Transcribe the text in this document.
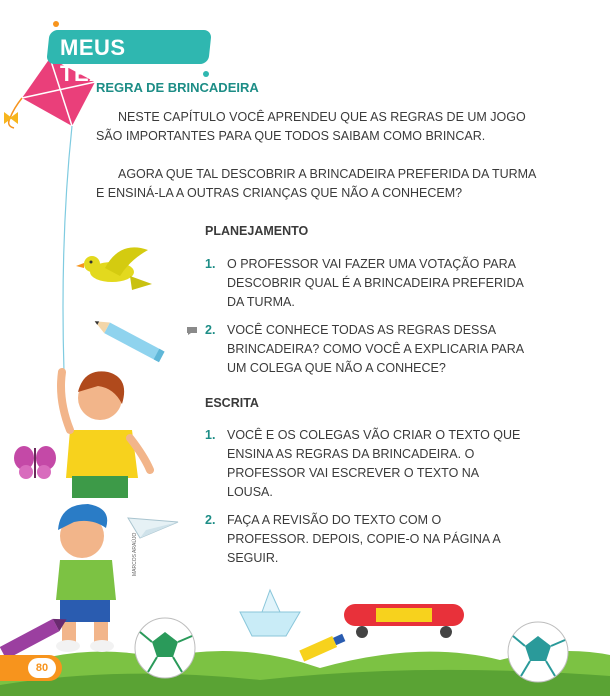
MEUS TEXTOS
REGRA DE BRINCADEIRA
NESTE CAPÍTULO VOCÊ APRENDEU QUE AS REGRAS DE UM JOGO SÃO IMPORTANTES PARA QUE TODOS SAIBAM COMO BRINCAR.
AGORA QUE TAL DESCOBRIR A BRINCADEIRA PREFERIDA DA TURMA E ENSINÁ-LA A OUTRAS CRIANÇAS QUE NÃO A CONHECEM?
PLANEJAMENTO
1. O PROFESSOR VAI FAZER UMA VOTAÇÃO PARA DESCOBRIR QUAL É A BRINCADEIRA PREFERIDA DA TURMA.
2. VOCÊ CONHECE TODAS AS REGRAS DESSA BRINCADEIRA? COMO VOCÊ A EXPLICARIA PARA UM COLEGA QUE NÃO A CONHECE?
ESCRITA
1. VOCÊ E OS COLEGAS VÃO CRIAR O TEXTO QUE ENSINA AS REGRAS DA BRINCADEIRA. O PROFESSOR VAI ESCREVER O TEXTO NA LOUSA.
2. FAÇA A REVISÃO DO TEXTO COM O PROFESSOR. DEPOIS, COPIE-O NA PÁGINA A SEGUIR.
MARCOS ARAÚJO
80
